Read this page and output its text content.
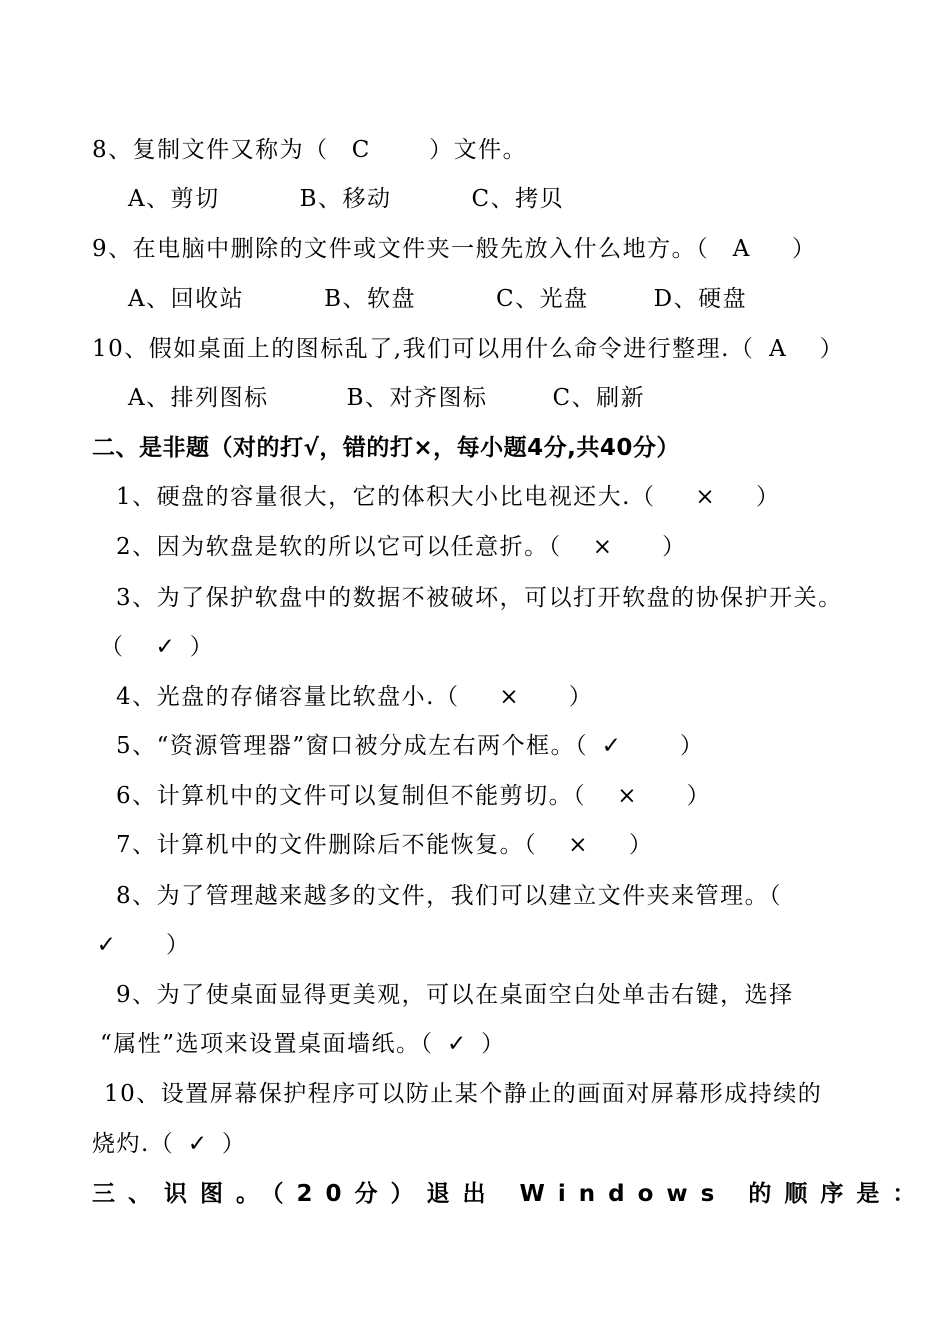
8、复制文件又称为（  C      ）文件。
A、剪切	B、移动	C、拷贝
9、在电脑中删除的文件或文件夹一般先放入什么地方。（  A    ）
A、回收站	B、软盘	C、光盘	D、硬盘
10、假如桌面上的图标乱了,我们可以用什么命令进行整理.（ A   ）
A、排列图标	B、对齐图标	C、刷新
二、是非题（对的打√，错的打×，每小题4分,共40分）
1、硬盘的容量很大，它的体积大小比电视还大.（    ×    ）
2、因为软盘是软的所以它可以任意折。（   ×     ）
3、为了保护软盘中的数据不被破坏，可以打开软盘的协保护开关。
（   ✓ ）
4、光盘的存储容量比软盘小.（    ×     ）
5、“资源管理器”窗口被分成左右两个框。（ ✓      ）
6、计算机中的文件可以复制但不能剪切。（   ×     ）
7、计算机中的文件删除后不能恢复。（   ×    ）
8、为了管理越来越多的文件，我们可以建立文件夹来管理。（
✓     ）
9、为了使桌面显得更美观，可以在桌面空白处单击右键，选择
“属性”选项来设置桌面墙纸。（ ✓ ）
10、设置屏幕保护程序可以防止某个静止的画面对屏幕形成持续的
烧灼.（ ✓ ）
三、识图。（20分）退出 Windows 的顺序是：
